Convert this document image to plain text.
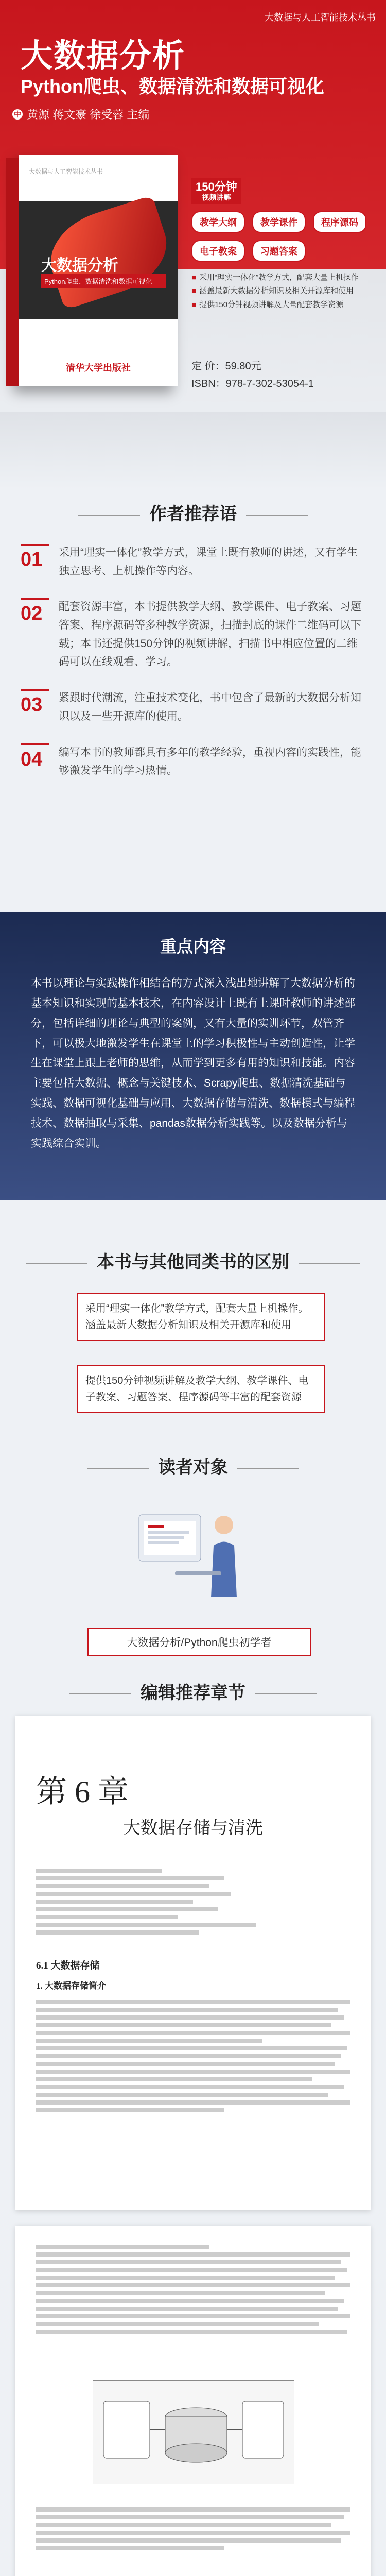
大数据与人工智能技术丛书
大数据分析
Python爬虫、数据清洗和数据可视化
中 黄源 蒋文豪 徐受蓉 主编
大数据与人工智能技术丛书
大数据分析
Python爬虫、数据清洗和数据可视化
清华大学出版社
150分钟
视频讲解
教学大纲	教学课件	程序源码
电子教案	习题答案
■ 采用“理实一体化”教学方式，配套大量上机操作
■ 涵盖最新大数据分析知识及相关开源库和使用
■ 提供150分钟视频讲解及大量配套教学资源
定 价：59.80元
ISBN：978-7-302-53054-1
作者推荐语
01	采用“理实一体化”教学方式，课堂上既有教师的讲述，又有学生独立思考、上机操作等内容。
02	配套资源丰富，本书提供教学大纲、教学课件、电子教案、习题答案、程序源码等多种教学资源，扫描封底的课件二维码可以下载；本书还提供150分钟的视频讲解，扫描书中相应位置的二维码可以在线观看、学习。
03	紧跟时代潮流，注重技术变化，书中包含了最新的大数据分析知识以及一些开源库的使用。
04	编写本书的教师都具有多年的教学经验，重视内容的实践性，能够激发学生的学习热情。
重点内容
本书以理论与实践操作相结合的方式深入浅出地讲解了大数据分析的基本知识和实现的基本技术，在内容设计上既有上课时教师的讲述部分，包括详细的理论与典型的案例，又有大量的实训环节，双管齐下，可以极大地激发学生在课堂上的学习积极性与主动创造性，让学生在课堂上跟上老师的思维，从而学到更多有用的知识和技能。内容主要包括大数据、概念与关键技术、Scrapy爬虫、数据清洗基础与实践、数据可视化基础与应用、大数据存储与清洗、数据模式与编程技术、数据抽取与采集、pandas数据分析实践等。以及数据分析与实践综合实训。
本书与其他同类书的区别
采用“理实一体化”教学方式，配套大量上机操作。涵盖最新大数据分析知识及相关开源库和使用
提供150分钟视频讲解及教学大纲、教学课件、电子教案、习题答案、程序源码等丰富的配套资源
读者对象
大数据分析/Python爬虫初学者
编辑推荐章节
第 6 章
大数据存储与清洗
6.1 大数据存储
1. 大数据存储简介
